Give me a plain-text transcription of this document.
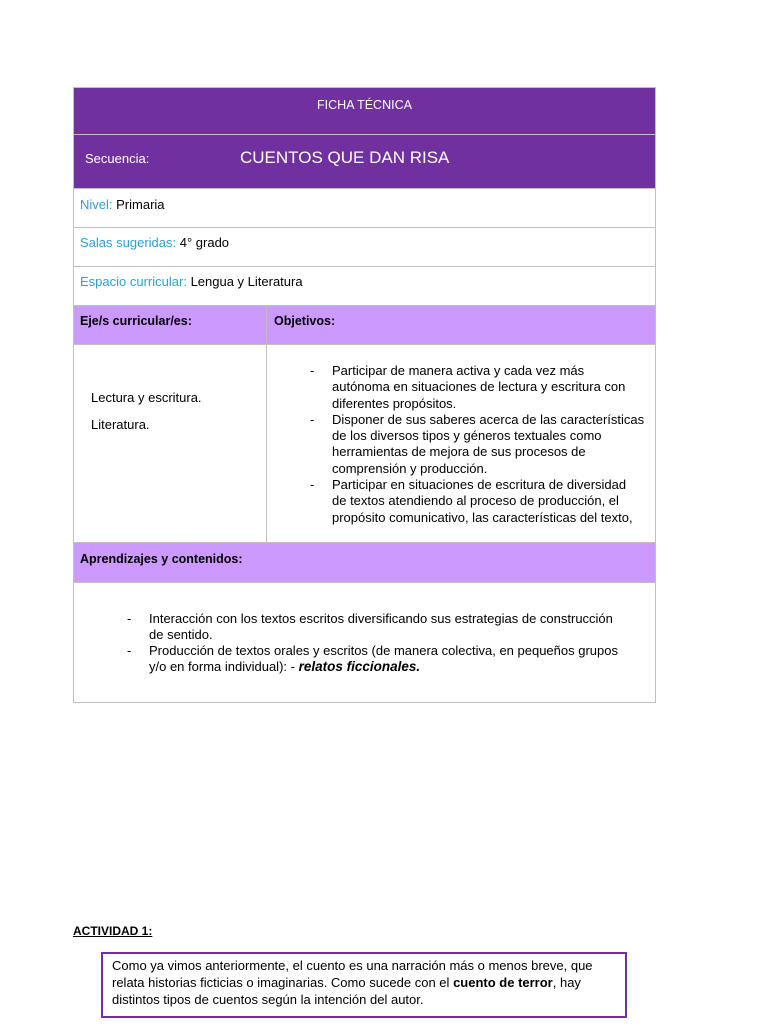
FICHA TÉCNICA
Secuencia:	CUENTOS QUE DAN RISA
Nivel: Primaria
Salas sugeridas: 4° grado
Espacio curricular: Lengua y Literatura
Eje/s curricular/es:	Objetivos:
Lectura y escritura.
Literatura.
- Participar de manera activa y cada vez más
autónoma en situaciones de lectura y escritura con
diferentes propósitos.
- Disponer de sus saberes acerca de las características
de los diversos tipos y géneros textuales como
herramientas de mejora de sus procesos de
comprensión y producción.
- Participar en situaciones de escritura de diversidad
de textos atendiendo al proceso de producción, el
propósito comunicativo, las características del texto,
Aprendizajes y contenidos:
- Interacción con los textos escritos diversificando sus estrategias de construcción
de sentido.
- Producción de textos orales y escritos (de manera colectiva, en pequeños grupos
y/o en forma individual): - relatos ficcionales.
ACTIVIDAD 1:
Como ya vimos anteriormente, el cuento es una narración más o menos breve, que
relata historias ficticias o imaginarias. Como sucede con el cuento de terror, hay
distintos tipos de cuentos según la intención del autor.
